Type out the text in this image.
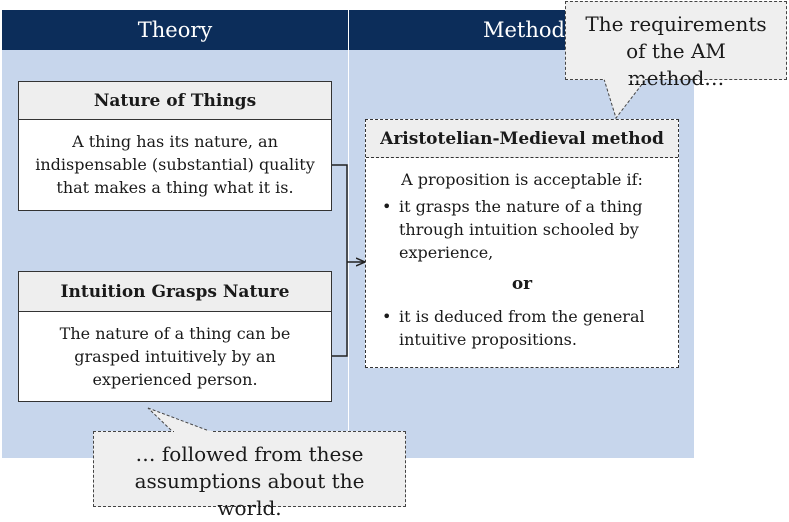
Theory	Method
Nature of Things
A thing has its nature, an indispensable (substantial) quality that makes a thing what it is.
Intuition Grasps Nature
The nature of a thing can be grasped intuitively by an experienced person.
Aristotelian-Medieval method
A proposition is acceptable if:
• it grasps the nature of a thing through intuition schooled by experience,
or
• it is deduced from the general intuitive propositions.
The requirements of the AM method…
… followed from these assumptions about the world.
